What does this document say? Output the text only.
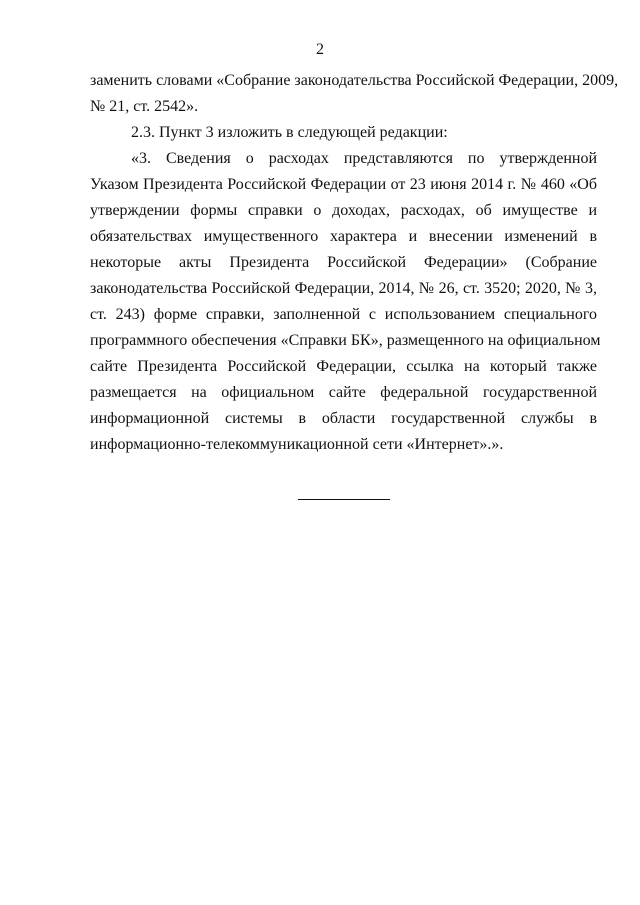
2
заменить словами «Собрание законодательства Российской Федерации, 2009,
№ 21, ст. 2542».
2.3. Пункт 3 изложить в следующей редакции:
«3. Сведения о расходах представляются по утвержденной
Указом Президента Российской Федерации от 23 июня 2014 г. № 460 «Об
утверждении формы справки о доходах, расходах, об имуществе и
обязательствах имущественного характера и внесении изменений в
некоторые акты Президента Российской Федерации» (Собрание
законодательства Российской Федерации, 2014, № 26, ст. 3520; 2020, № 3,
ст. 243) форме справки, заполненной с использованием специального
программного обеспечения «Справки БК», размещенного на официальном
сайте Президента Российской Федерации, ссылка на который также
размещается на официальном сайте федеральной государственной
информационной системы в области государственной службы в
информационно-телекоммуникационной сети «Интернет».».
